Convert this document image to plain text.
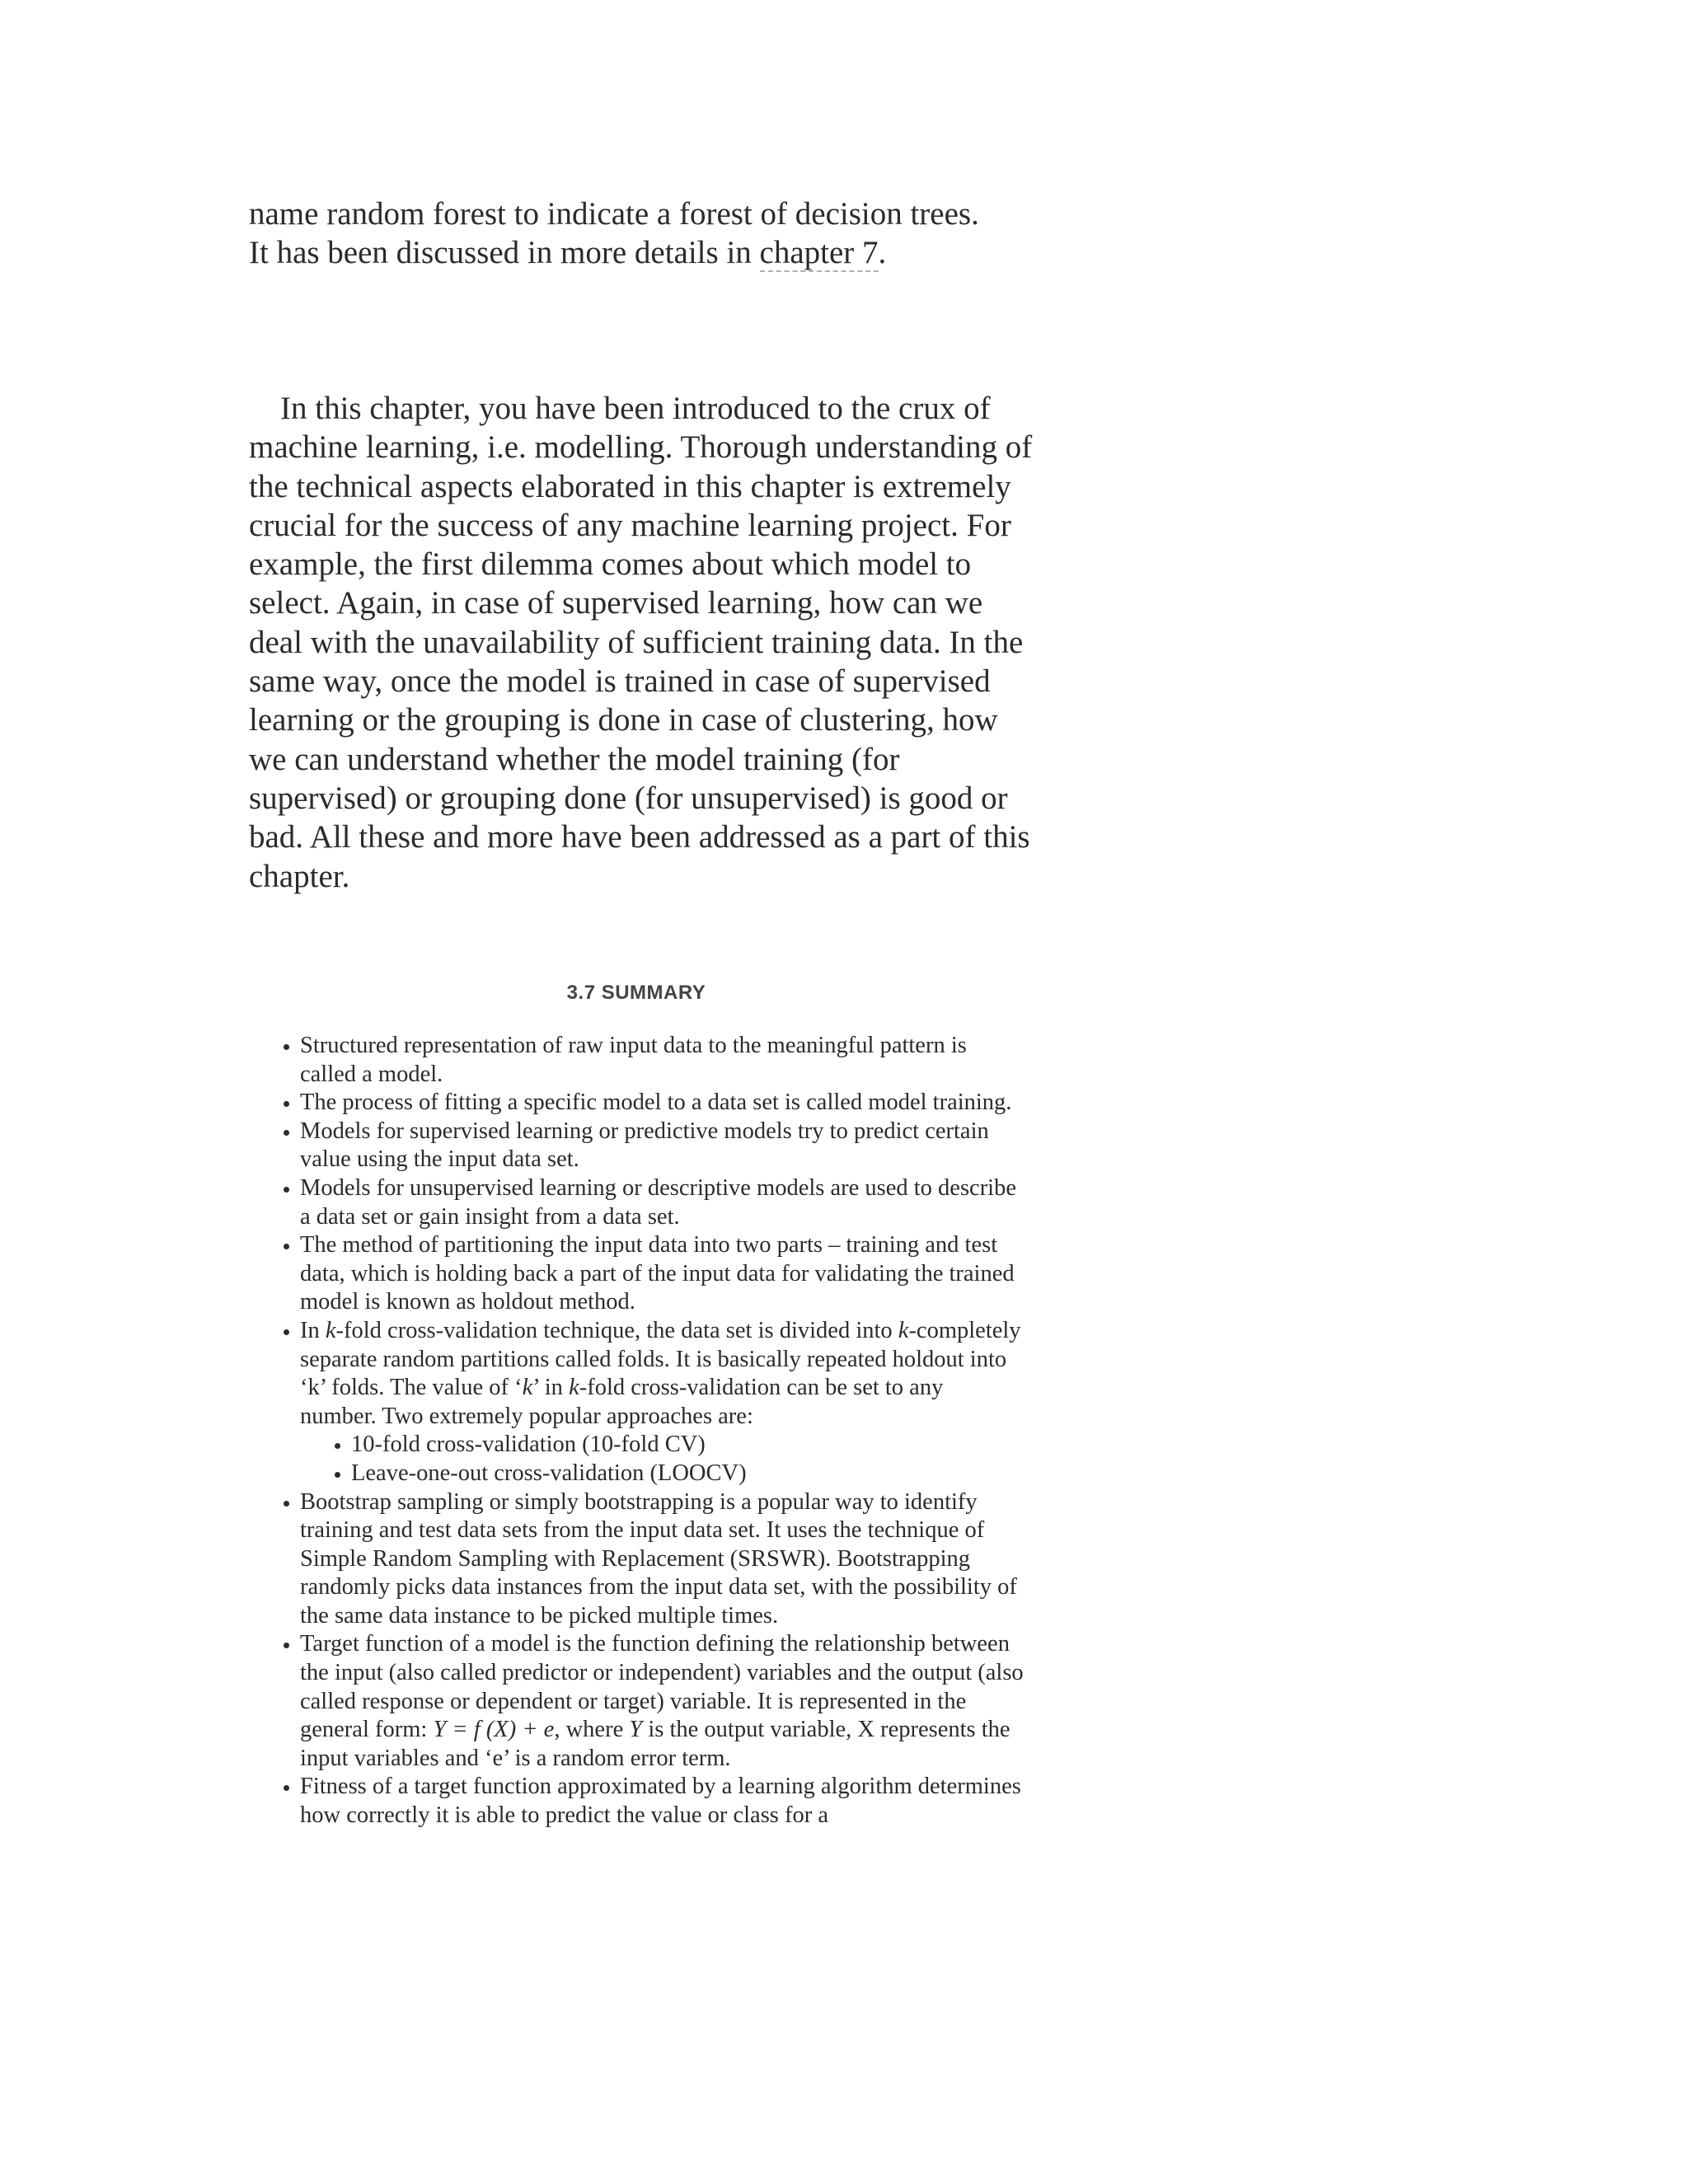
name random forest to indicate a forest of decision trees.
It has been discussed in more details in chapter 7.

In this chapter, you have been introduced to the crux of machine learning, i.e. modelling. Thorough understanding of the technical aspects elaborated in this chapter is extremely crucial for the success of any machine learning project. For example, the first dilemma comes about which model to select. Again, in case of supervised learning, how can we deal with the unavailability of sufficient training data. In the same way, once the model is trained in case of supervised learning or the grouping is done in case of clustering, how we can understand whether the model training (for supervised) or grouping done (for unsupervised) is good or bad. All these and more have been addressed as a part of this chapter.

3.7 SUMMARY
• Structured representation of raw input data to the meaningful pattern is called a model.
• The process of fitting a specific model to a data set is called model training.
• Models for supervised learning or predictive models try to predict certain value using the input data set.
• Models for unsupervised learning or descriptive models are used to describe a data set or gain insight from a data set.
• The method of partitioning the input data into two parts – training and test data, which is holding back a part of the input data for validating the trained model is known as holdout method.
• In k-fold cross-validation technique, the data set is divided into k-completely separate random partitions called folds. It is basically repeated holdout into ‘k’ folds. The value of ‘k’ in k-fold cross-validation can be set to any number. Two extremely popular approaches are:
• 10-fold cross-validation (10-fold CV)
• Leave-one-out cross-validation (LOOCV)
• Bootstrap sampling or simply bootstrapping is a popular way to identify training and test data sets from the input data set. It uses the technique of Simple Random Sampling with Replacement (SRSWR). Bootstrapping randomly picks data instances from the input data set, with the possibility of the same data instance to be picked multiple times.
• Target function of a model is the function defining the relationship between the input (also called predictor or independent) variables and the output (also called response or dependent or target) variable. It is represented in the general form: Y = f (X) + e, where Y is the output variable, X represents the input variables and ‘e’ is a random error term.
• Fitness of a target function approximated by a learning algorithm determines how correctly it is able to predict the value or class for a
